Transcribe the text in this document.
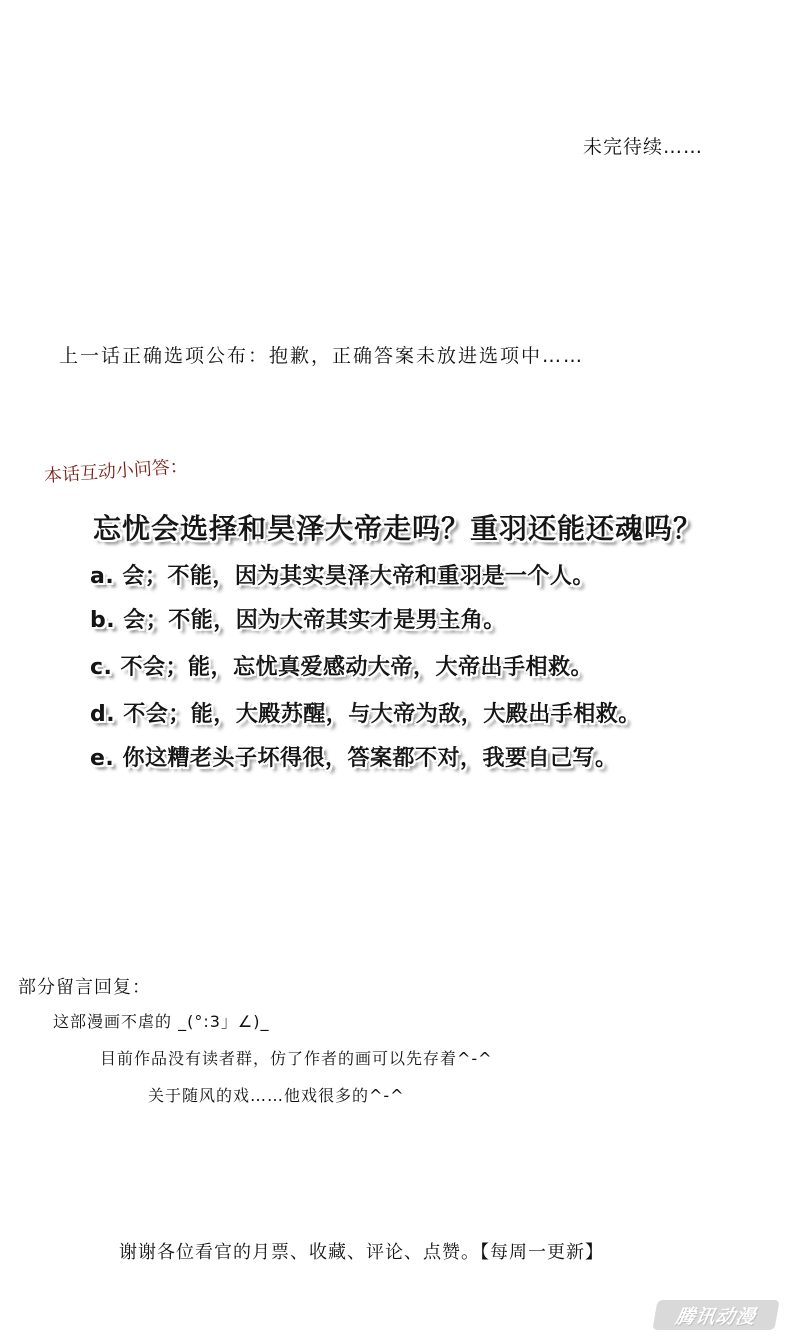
未完待续……
上一话正确选项公布：抱歉，正确答案未放进选项中……
本话互动小问答：
忘忧会选择和昊泽大帝走吗？重羽还能还魂吗？
a. 会；不能，因为其实昊泽大帝和重羽是一个人。
b. 会；不能，因为大帝其实才是男主角。
c. 不会；能，忘忧真爱感动大帝，大帝出手相救。
d. 不会；能，大殿苏醒，与大帝为敌，大殿出手相救。
e. 你这糟老头子坏得很，答案都不对，我要自己写。
部分留言回复：
这部漫画不虐的 _(°:3」∠)_
目前作品没有读者群，仿了作者的画可以先存着^-^
关于随风的戏……他戏很多的^-^
谢谢各位看官的月票、收藏、评论、点赞。【每周一更新】
腾讯动漫
